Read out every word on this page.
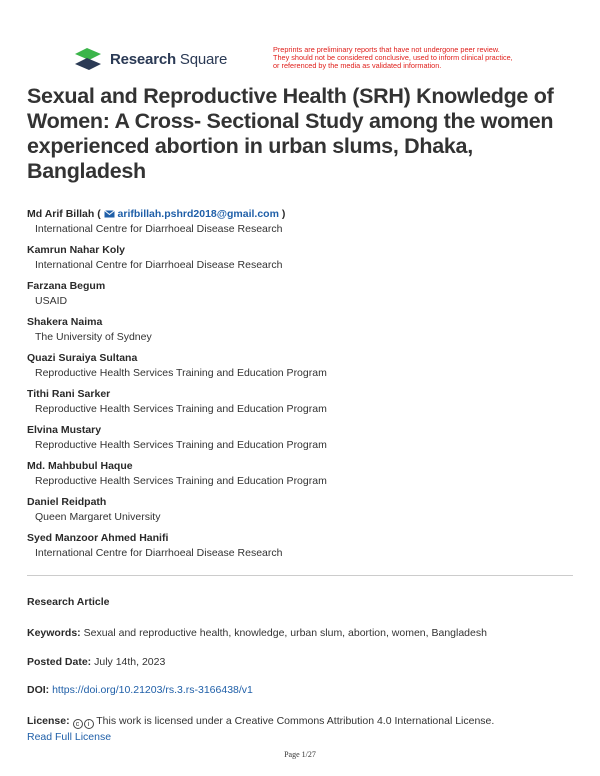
Research Square
Preprints are preliminary reports that have not undergone peer review.
They should not be considered conclusive, used to inform clinical practice,
or referenced by the media as validated information.
Sexual and Reproductive Health (SRH) Knowledge of Women: A Cross- Sectional Study among the women experienced abortion in urban slums, Dhaka, Bangladesh
Md Arif Billah (  arifbillah.pshrd2018@gmail.com )
International Centre for Diarrhoeal Disease Research
Kamrun Nahar Koly
International Centre for Diarrhoeal Disease Research
Farzana Begum
USAID
Shakera Naima
The University of Sydney
Quazi Suraiya Sultana
Reproductive Health Services Training and Education Program
Tithi Rani Sarker
Reproductive Health Services Training and Education Program
Elvina Mustary
Reproductive Health Services Training and Education Program
Md. Mahbubul Haque
Reproductive Health Services Training and Education Program
Daniel Reidpath
Queen Margaret University
Syed Manzoor Ahmed Hanifi
International Centre for Diarrhoeal Disease Research
Research Article
Keywords: Sexual and reproductive health, knowledge, urban slum, abortion, women, Bangladesh
Posted Date: July 14th, 2023
DOI: https://doi.org/10.21203/rs.3.rs-3166438/v1
License: c	i This work is licensed under a Creative Commons Attribution 4.0 International License.
Read Full License
Page 1/27
